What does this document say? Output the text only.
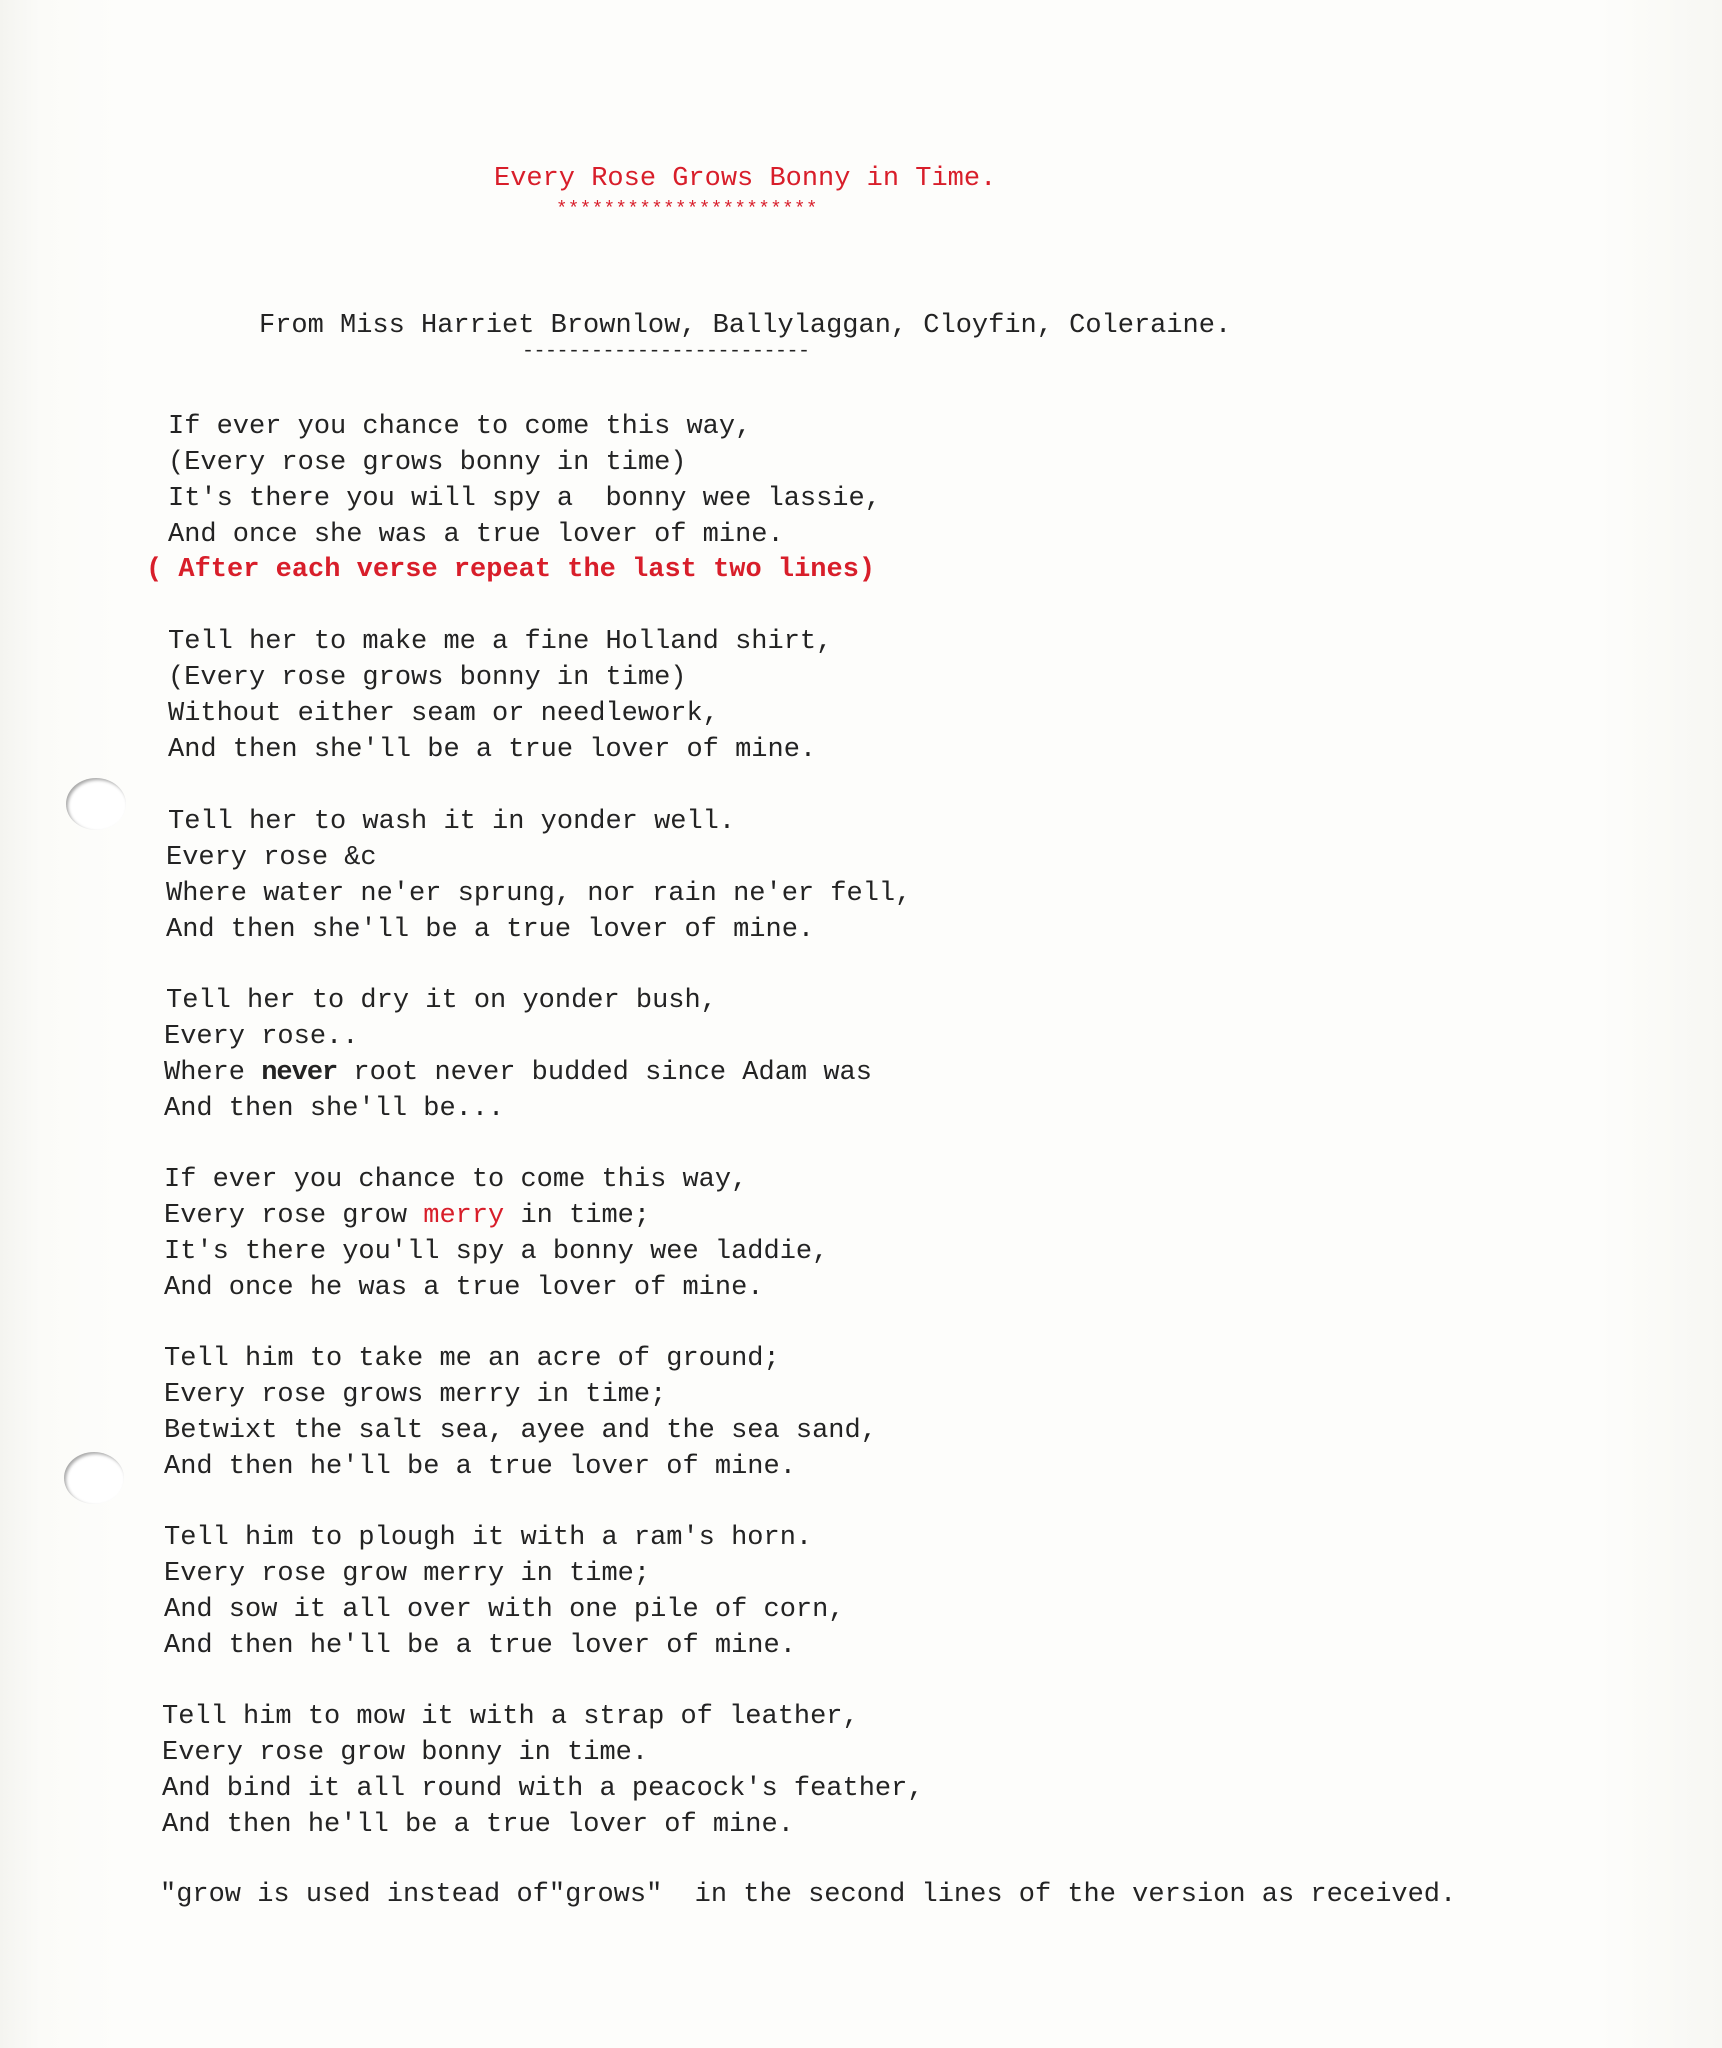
Every Rose Grows Bonny in Time.
**********************
From Miss Harriet Brownlow, Ballylaggan, Cloyfin, Coleraine.
-------------------------
If ever you chance to come this way,
(Every rose grows bonny in time)
It's there you will spy a  bonny wee lassie,
And once she was a true lover of mine.
( After each verse repeat the last two lines)
Tell her to make me a fine Holland shirt,
(Every rose grows bonny in time)
Without either seam or needlework,
And then she'll be a true lover of mine.
Tell her to wash it in yonder well.
Every rose &c
Where water ne'er sprung, nor rain ne'er fell,
And then she'll be a true lover of mine.
Tell her to dry it on yonder bush,
Every rose..
Where never root never budded since Adam was
And then she'll be...
If ever you chance to come this way,
Every rose grow merry in time;
It's there you'll spy a bonny wee laddie,
And once he was a true lover of mine.
Tell him to take me an acre of ground;
Every rose grows merry in time;
Betwixt the salt sea, ayee and the sea sand,
And then he'll be a true lover of mine.
Tell him to plough it with a ram's horn.
Every rose grow merry in time;
And sow it all over with one pile of corn,
And then he'll be a true lover of mine.
Tell him to mow it with a strap of leather,
Every rose grow bonny in time.
And bind it all round with a peacock's feather,
And then he'll be a true lover of mine.
"grow is used instead of"grows"  in the second lines of the version as received.
